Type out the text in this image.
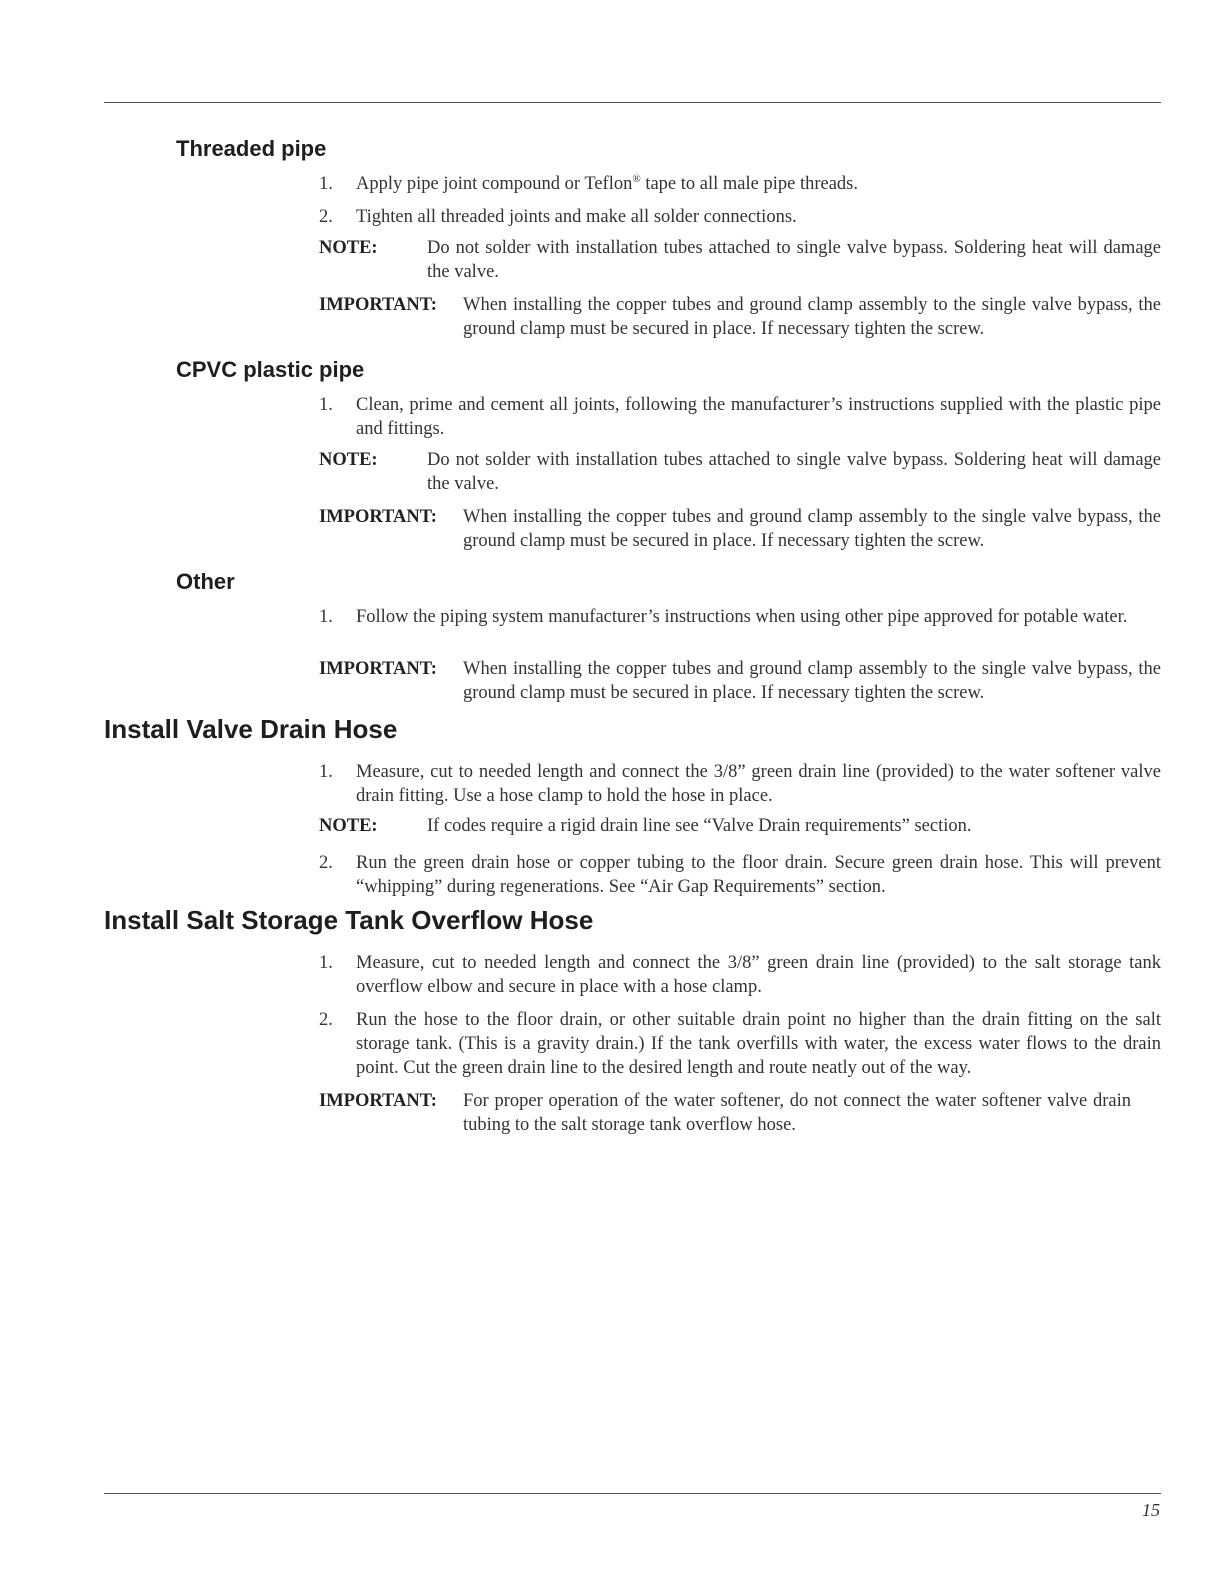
Threaded pipe
1. Apply pipe joint compound or Teflon® tape to all male pipe threads.
2. Tighten all threaded joints and make all solder connections.
NOTE:	Do not solder with installation tubes attached to single valve bypass. Soldering heat will damage the valve.
IMPORTANT: When installing the copper tubes and ground clamp assembly to the single valve bypass, the ground clamp must be secured in place. If necessary tighten the screw.
CPVC plastic pipe
1. Clean, prime and cement all joints, following the manufacturer’s instructions supplied with the plastic pipe and fittings.
NOTE:	Do not solder with installation tubes attached to single valve bypass. Soldering heat will damage the valve.
IMPORTANT: When installing the copper tubes and ground clamp assembly to the single valve bypass, the ground clamp must be secured in place. If necessary tighten the screw.
Other
1. Follow the piping system manufacturer’s instructions when using other pipe approved for potable water.
IMPORTANT: When installing the copper tubes and ground clamp assembly to the single valve bypass, the ground clamp must be secured in place. If necessary tighten the screw.
Install Valve Drain Hose
1. Measure, cut to needed length and connect the 3/8” green drain line (provided) to the water softener valve drain fitting. Use a hose clamp to hold the hose in place.
NOTE:	If codes require a rigid drain line see “Valve Drain requirements” section.
2. Run the green drain hose or copper tubing to the floor drain. Secure green drain hose. This will prevent “whipping” during regenerations. See “Air Gap Requirements” section.
Install Salt Storage Tank Overflow Hose
1. Measure, cut to needed length and connect the 3/8” green drain line (provided) to the salt storage tank overflow elbow and secure in place with a hose clamp.
2. Run the hose to the floor drain, or other suitable drain point no higher than the drain fitting on the salt storage tank. (This is a gravity drain.) If the tank overfills with water, the excess water flows to the drain point. Cut the green drain line to the desired length and route neatly out of the way.
IMPORTANT: For proper operation of the water softener, do not connect the water softener valve drain tubing to the salt storage tank overflow hose.
15
